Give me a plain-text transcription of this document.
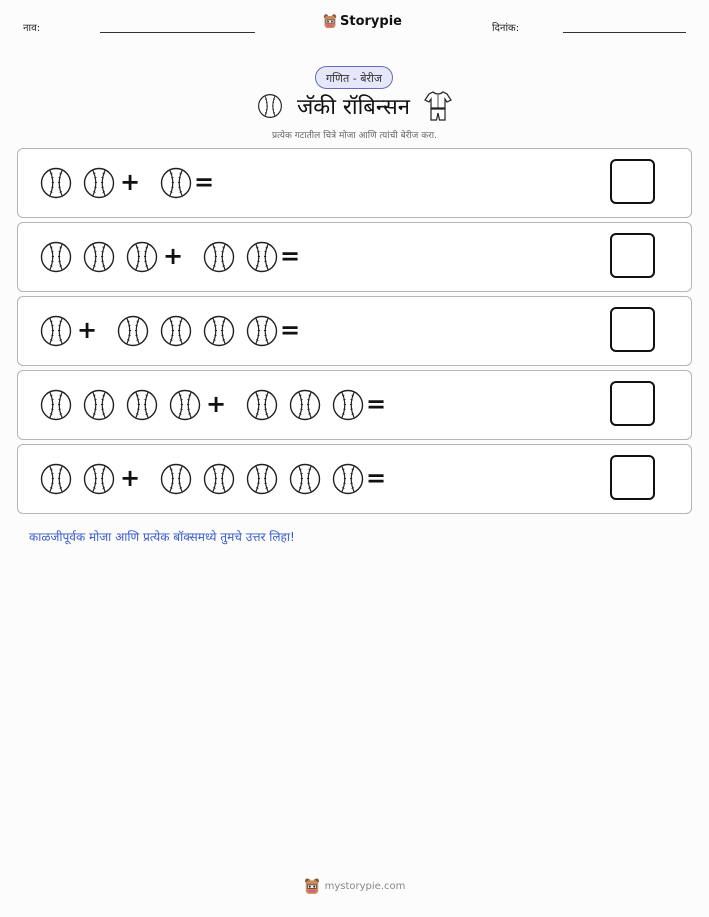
नाव:	Storypie	दिनांक:
गणित - बेरीज
जॅकी रॉबिन्सन
प्रत्येक गटातील चित्रे मोजा आणि त्यांची बेरीज करा.
+ =
+	=
+	=
+	=
+	=
काळजीपूर्वक मोजा आणि प्रत्येक बॉक्समध्ये तुमचे उत्तर लिहा!
mystorypie.com
